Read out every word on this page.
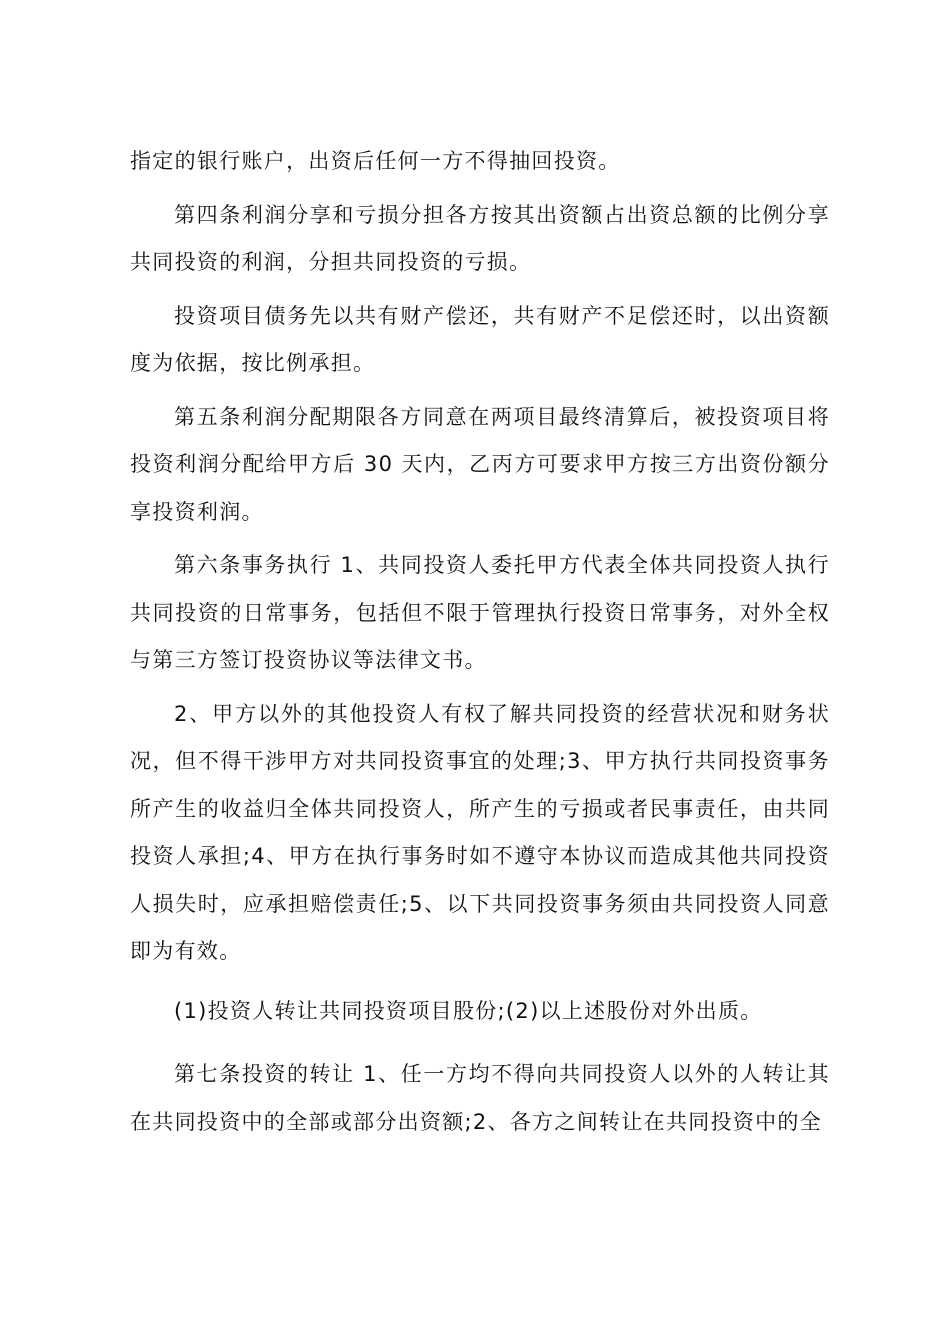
指定的银行账户，出资后任何一方不得抽回投资。

第四条利润分享和亏损分担各方按其出资额占出资总额的比例分享共同投资的利润，分担共同投资的亏损。

投资项目债务先以共有财产偿还，共有财产不足偿还时，以出资额度为依据，按比例承担。

第五条利润分配期限各方同意在两项目最终清算后，被投资项目将投资利润分配给甲方后 30 天内，乙丙方可要求甲方按三方出资份额分享投资利润。

第六条事务执行 1、共同投资人委托甲方代表全体共同投资人执行共同投资的日常事务，包括但不限于管理执行投资日常事务，对外全权与第三方签订投资协议等法律文书。

2、甲方以外的其他投资人有权了解共同投资的经营状况和财务状况，但不得干涉甲方对共同投资事宜的处理;3、甲方执行共同投资事务所产生的收益归全体共同投资人，所产生的亏损或者民事责任，由共同投资人承担;4、甲方在执行事务时如不遵守本协议而造成其他共同投资人损失时，应承担赔偿责任;5、以下共同投资事务须由共同投资人同意即为有效。

(1)投资人转让共同投资项目股份;(2)以上述股份对外出质。

第七条投资的转让 1、任一方均不得向共同投资人以外的人转让其在共同投资中的全部或部分出资额;2、各方之间转让在共同投资中的全
